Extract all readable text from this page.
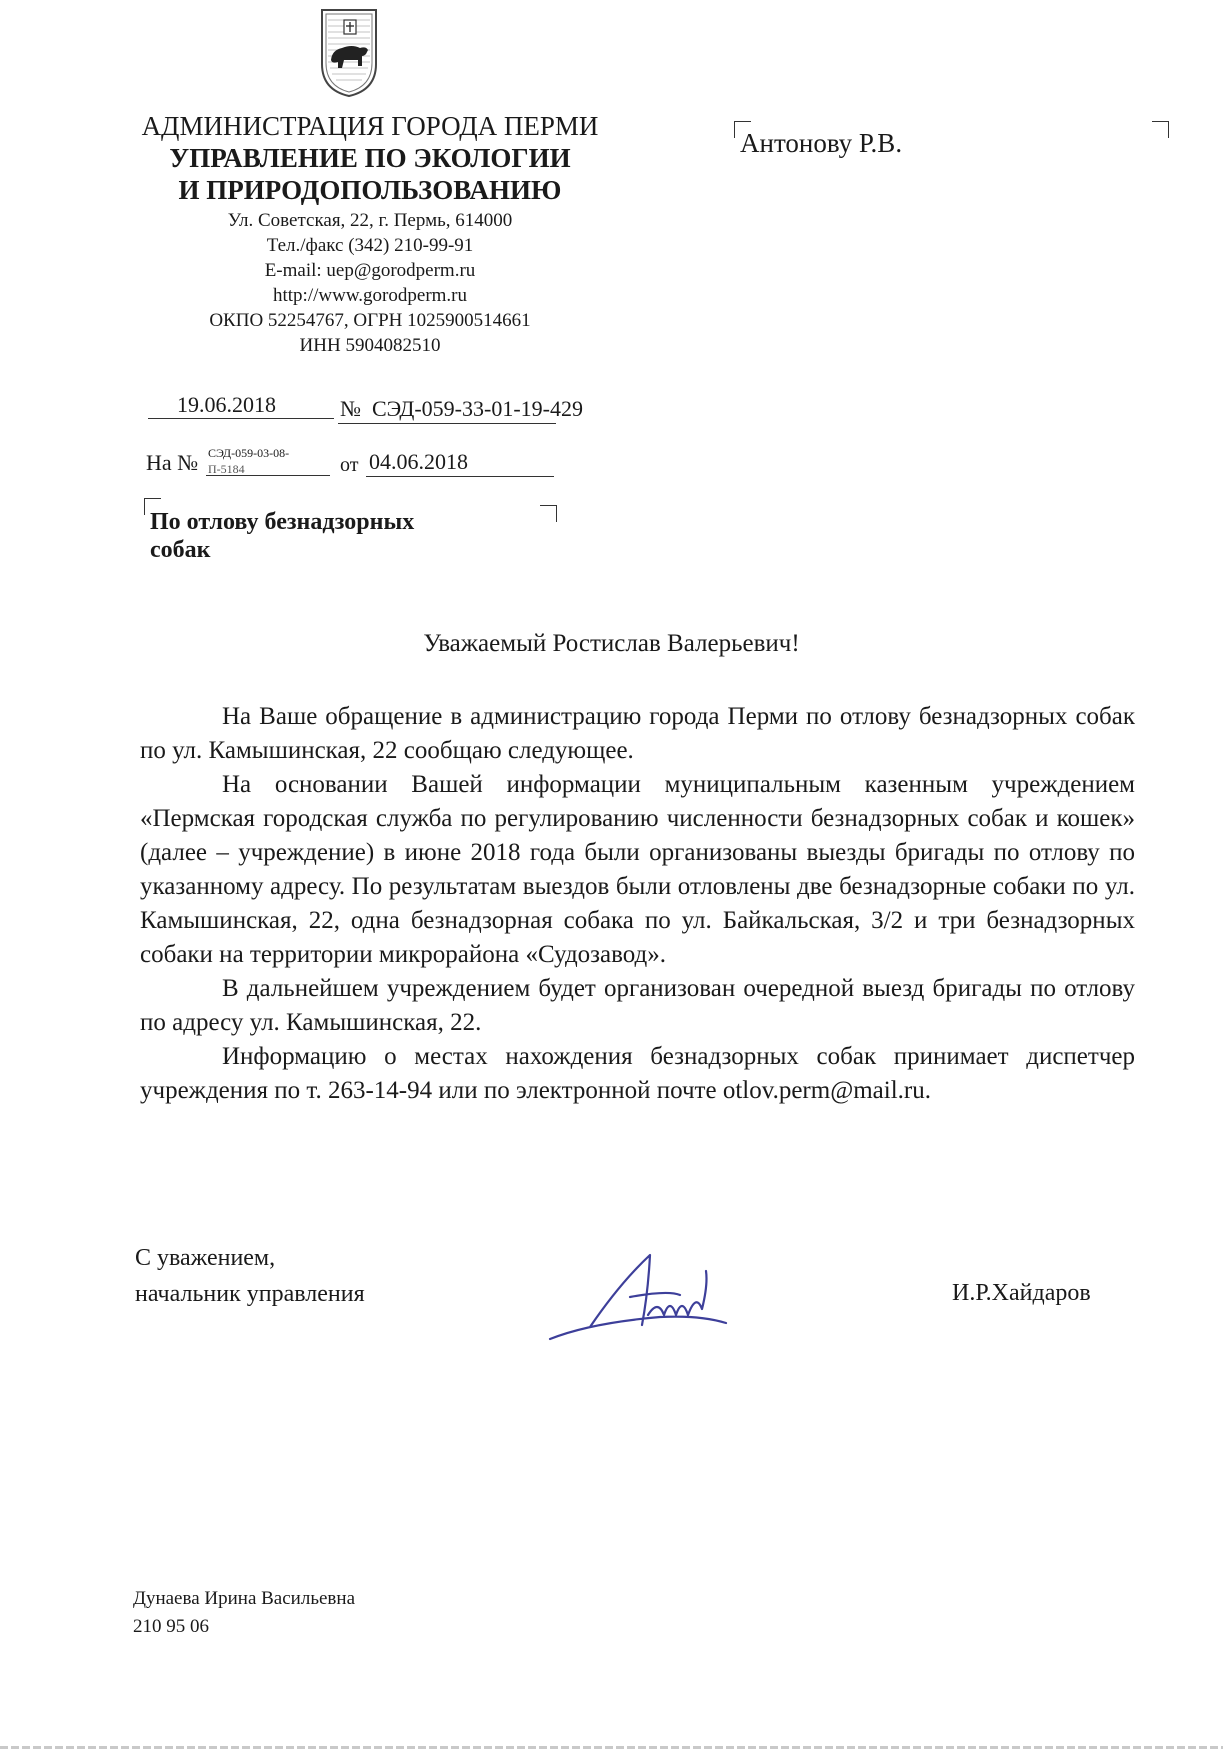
АДМИНИСТРАЦИЯ ГОРОДА ПЕРМИ
УПРАВЛЕНИЕ ПО ЭКОЛОГИИ
И ПРИРОДОПОЛЬЗОВАНИЮ
Ул. Советская, 22, г. Пермь, 614000
Тел./факс (342) 210-99-91
E-mail: uep@gorodperm.ru
http://www.gorodperm.ru
ОКПО 52254767, ОГРН 1025900514661
ИНН 5904082510
Антонову Р.В.
19.06.2018	№ СЭД-059-33-01-19-429
На № СЭД-059-03-08-
П-5184	от 04.06.2018
По отлову безнадзорных
собак
Уважаемый Ростислав Валерьевич!

На Ваше обращение в администрацию города Перми по отлову безнадзорных собак по ул. Камышинская, 22 сообщаю следующее.

На основании Вашей информации муниципальным казенным учреждением «Пермская городская служба по регулированию численности безнадзорных собак и кошек» (далее – учреждение) в июне 2018 года были организованы выезды бригады по отлову по указанному адресу. По результатам выездов были отловлены две безнадзорные собаки по ул. Камышинская, 22, одна безнадзорная собака по ул. Байкальская, 3/2 и три безнадзорных собаки на территории микрорайона «Судозавод».

В дальнейшем учреждением будет организован очередной выезд бригады по отлову по адресу ул. Камышинская, 22.

Информацию о местах нахождения безнадзорных собак принимает диспетчер учреждения по т. 263-14-94 или по электронной почте otlov.perm@mail.ru.

С уважением,
начальник управления	И.Р.Хайдаров
Дунаева Ирина Васильевна
210 95 06
